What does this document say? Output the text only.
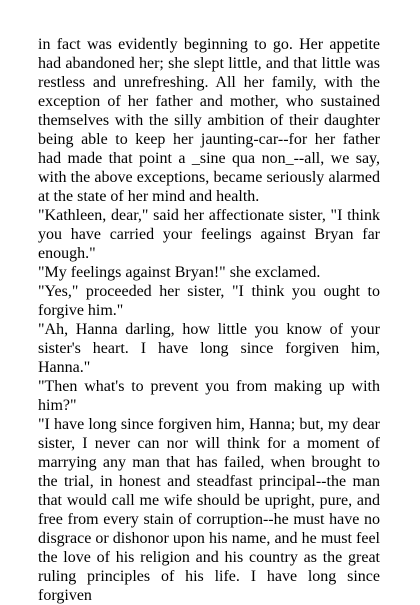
in fact was evidently beginning to go. Her appetite had abandoned her; she slept little, and that little was restless and unrefreshing. All her family, with the exception of her father and mother, who sustained themselves with the silly ambition of their daughter being able to keep her jaunting-car--for her father had made that point a _sine qua non_--all, we say, with the above exceptions, became seriously alarmed at the state of her mind and health.

"Kathleen, dear," said her affectionate sister, "I think you have carried your feelings against Bryan far enough."

"My feelings against Bryan!" she exclamed.

"Yes," proceeded her sister, "I think you ought to forgive him."

"Ah, Hanna darling, how little you know of your sister's heart. I have long since forgiven him, Hanna."

"Then what's to prevent you from making up with him?"

"I have long since forgiven him, Hanna; but, my dear sister, I never can nor will think for a moment of marrying any man that has failed, when brought to the trial, in honest and steadfast principal--the man that would call me wife should be upright, pure, and free from every stain of corruption--he must have no disgrace or dishonor upon his name, and he must feel the love of his religion and his country as the great ruling principles of his life. I have long since forgiven
